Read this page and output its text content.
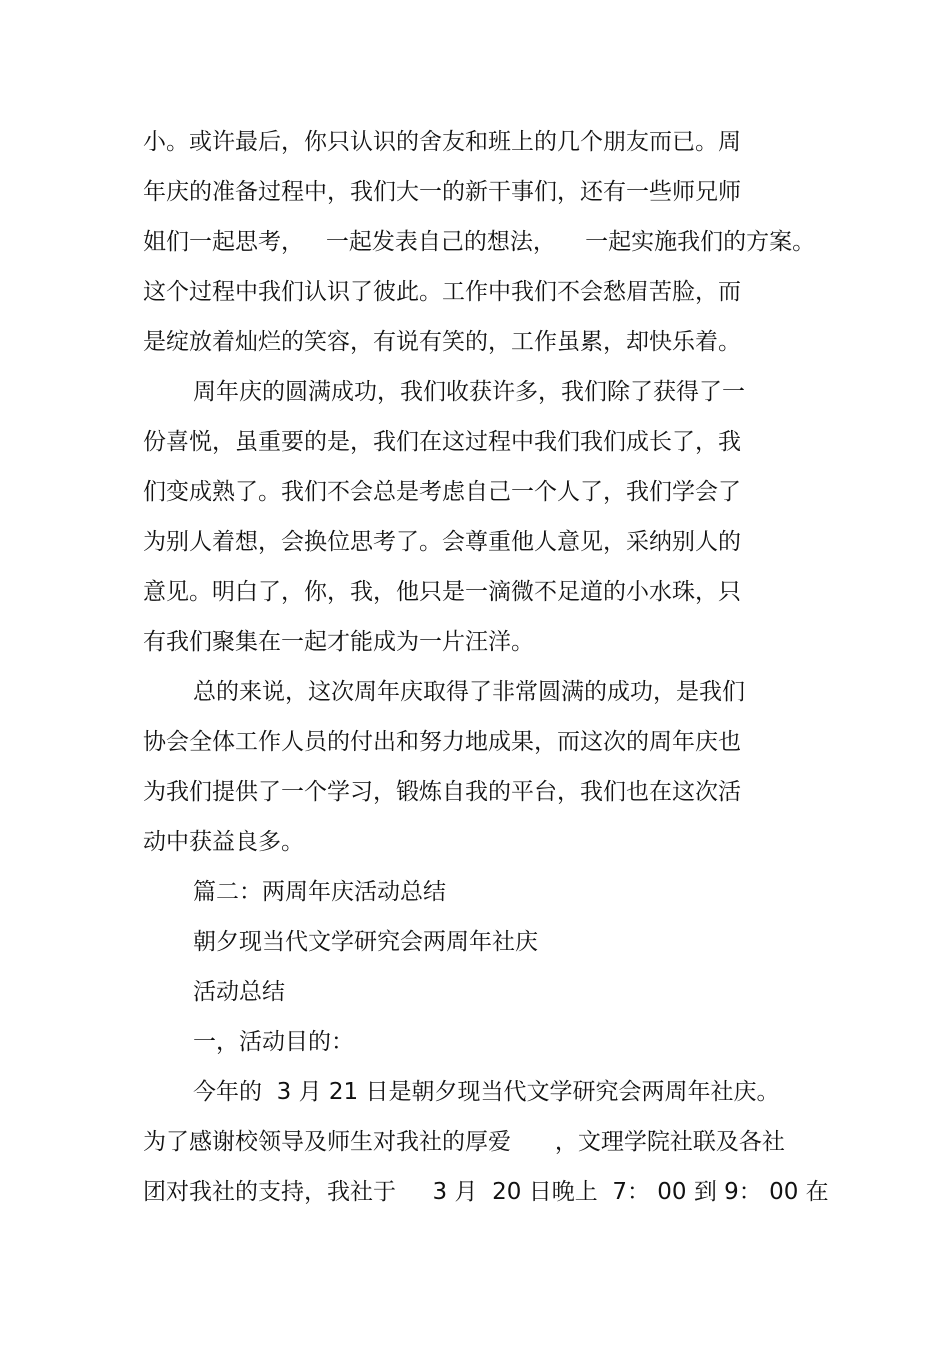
小。或许最后，你只认识的舍友和班上的几个朋友而已。周
年庆的准备过程中，我们大一的新干事们，还有一些师兄师
姐们一起思考，   一起发表自己的想法，    一起实施我们的方案。
这个过程中我们认识了彼此。工作中我们不会愁眉苦脸，而
是绽放着灿烂的笑容，有说有笑的，工作虽累，却快乐着。
周年庆的圆满成功，我们收获许多，我们除了获得了一
份喜悦，虽重要的是，我们在这过程中我们我们成长了，我
们变成熟了。我们不会总是考虑自己一个人了，我们学会了
为别人着想，会换位思考了。会尊重他人意见，采纳别人的
意见。明白了，你，我，他只是一滴微不足道的小水珠，只
有我们聚集在一起才能成为一片汪洋。
总的来说，这次周年庆取得了非常圆满的成功，是我们
协会全体工作人员的付出和努力地成果，而这次的周年庆也
为我们提供了一个学习，锻炼自我的平台，我们也在这次活
动中获益良多。
篇二：两周年庆活动总结
朝夕现当代文学研究会两周年社庆
活动总结
一，活动目的：
今年的  3 月 21 日是朝夕现当代文学研究会两周年社庆。
为了感谢校领导及师生对我社的厚爱      ，文理学院社联及各社
团对我社的支持，我社于     3 月  20 日晚上  7： 00 到 9： 00 在
